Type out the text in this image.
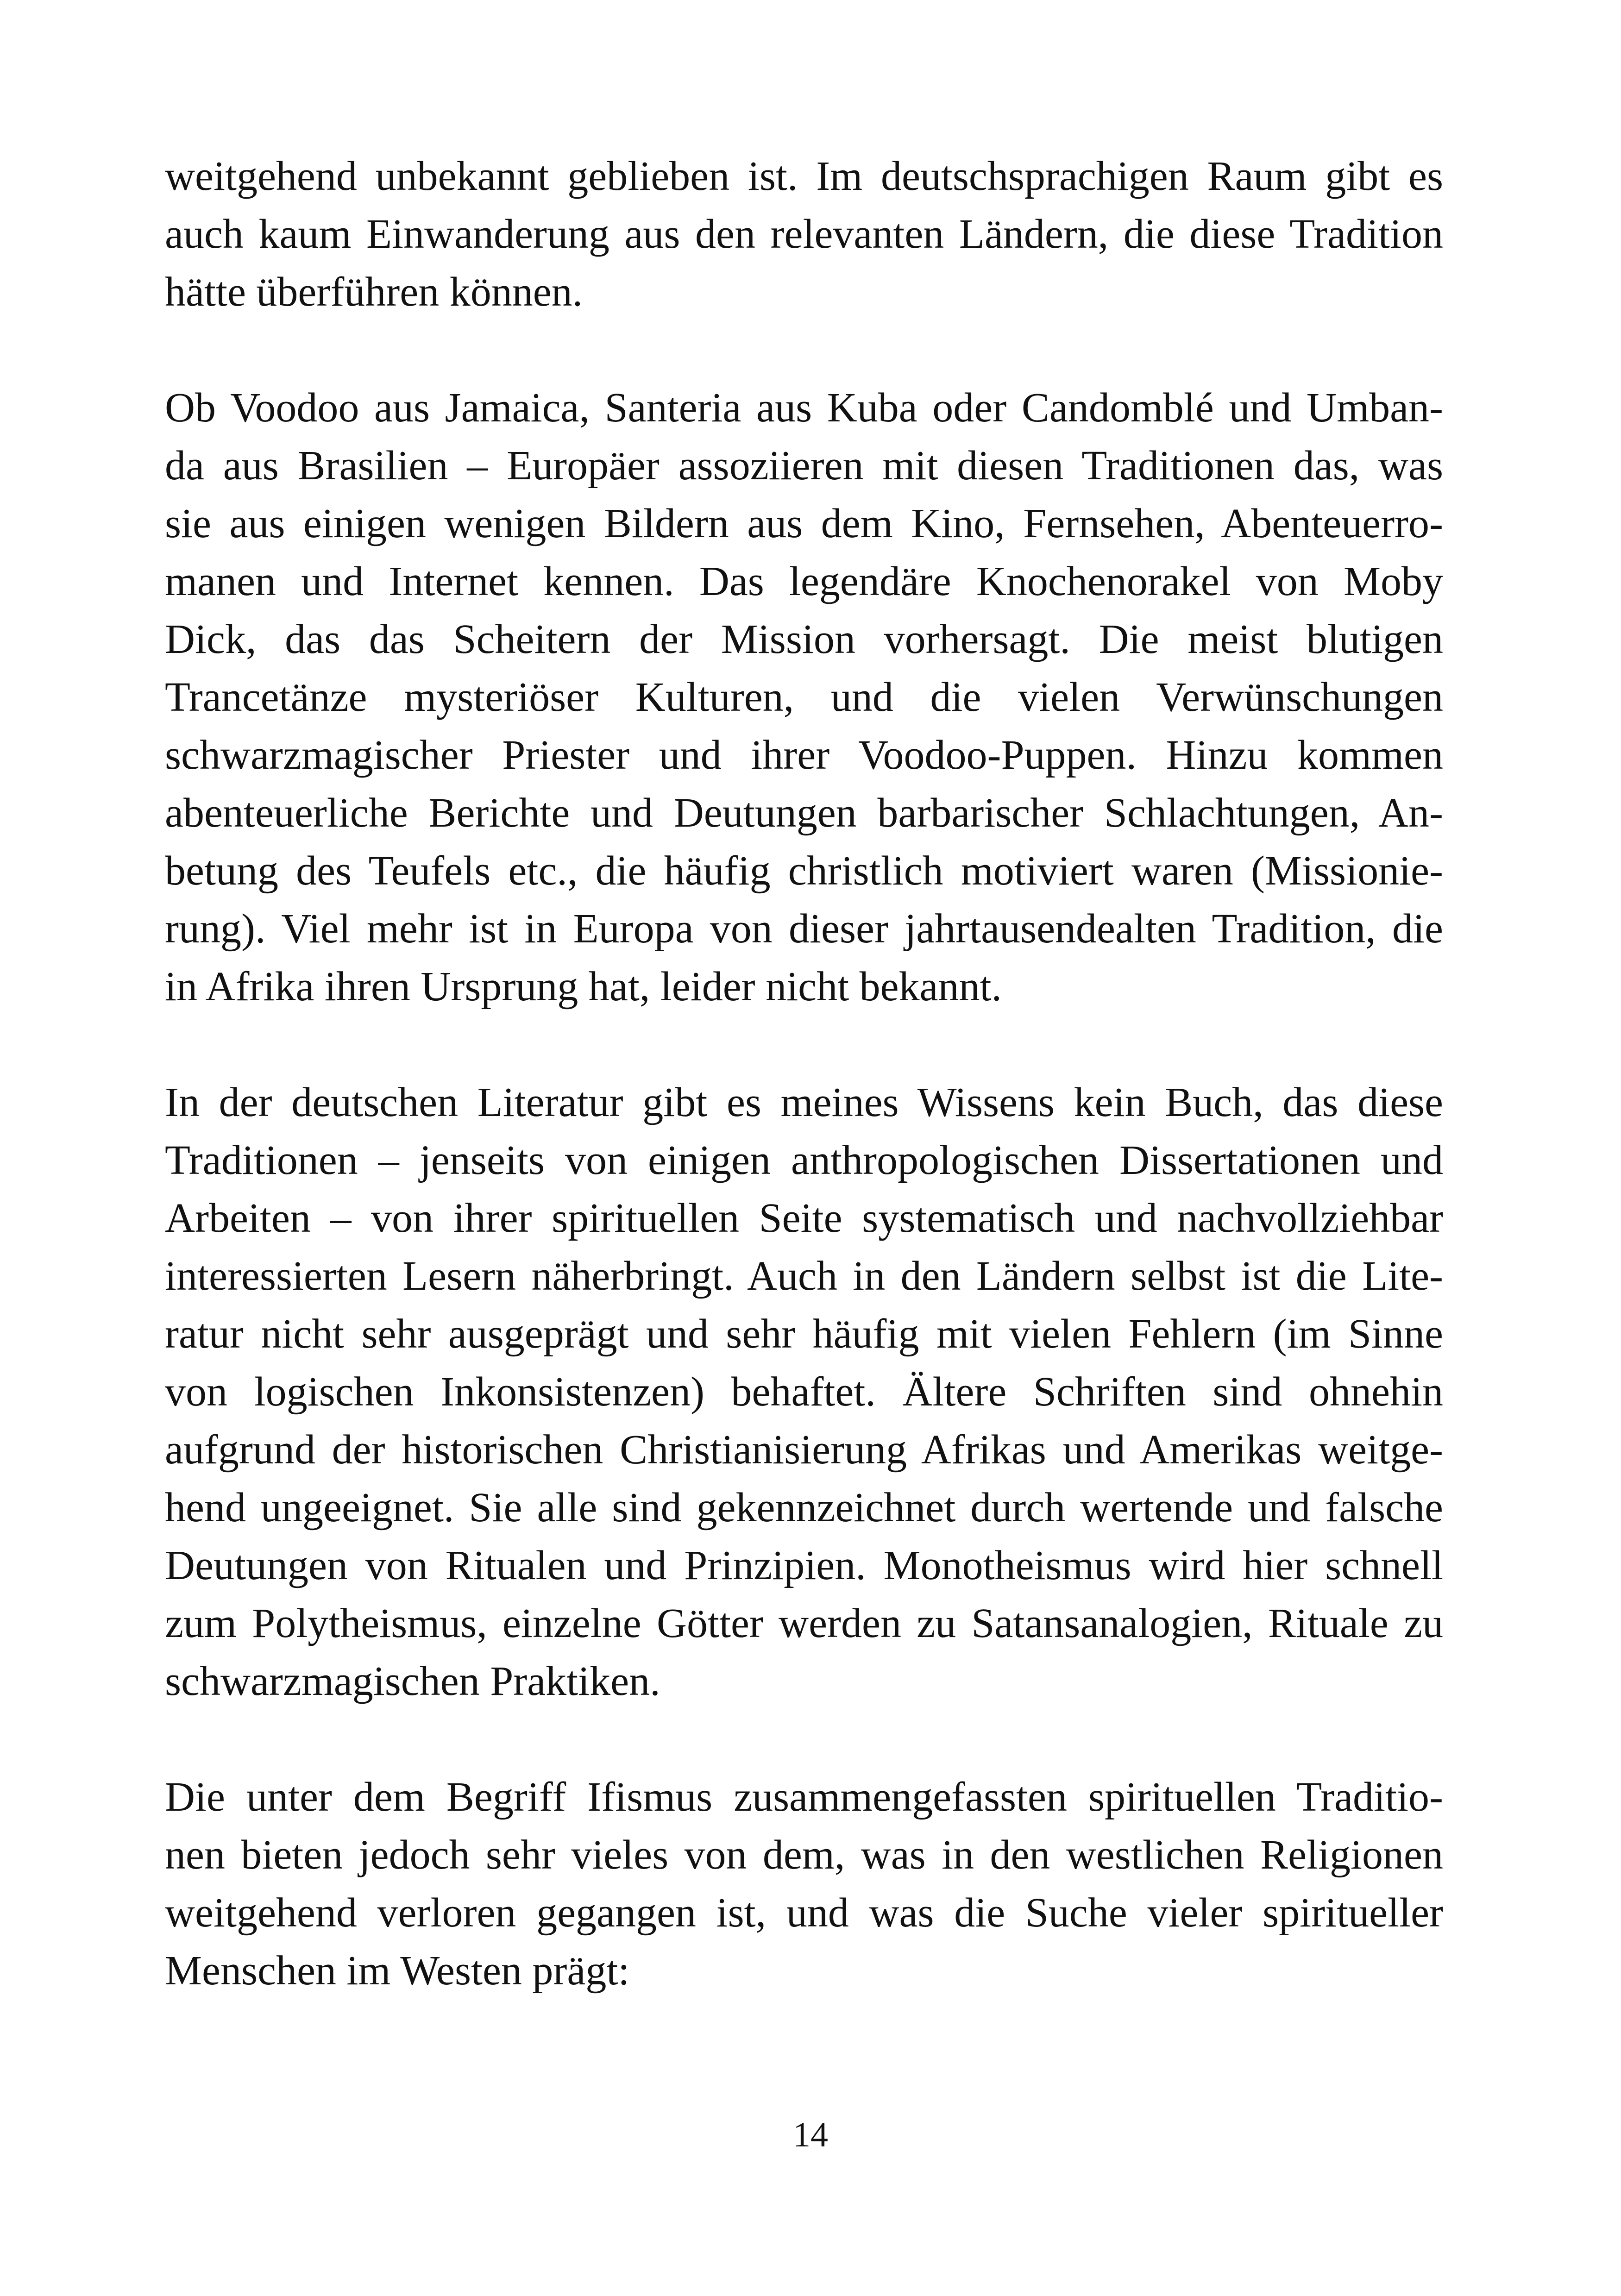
weitgehend unbekannt geblieben ist. Im deutschsprachigen Raum gibt es
auch kaum Einwanderung aus den relevanten Ländern, die diese Tradition
hätte überführen können.
Ob Voodoo aus Jamaica, Santeria aus Kuba oder Candomblé und Umban-
da aus Brasilien – Europäer assoziieren mit diesen Traditionen das, was
sie aus einigen wenigen Bildern aus dem Kino, Fernsehen, Abenteuerro-
manen und Internet kennen. Das legendäre Knochenorakel von Moby
Dick, das das Scheitern der Mission vorhersagt. Die meist blutigen
Trancetänze mysteriöser Kulturen, und die vielen Verwünschungen
schwarzmagischer Priester und ihrer Voodoo-Puppen. Hinzu kommen
abenteuerliche Berichte und Deutungen barbarischer Schlachtungen, An-
betung des Teufels etc., die häufig christlich motiviert waren (Missionie-
rung). Viel mehr ist in Europa von dieser jahrtausendealten Tradition, die
in Afrika ihren Ursprung hat, leider nicht bekannt.
In der deutschen Literatur gibt es meines Wissens kein Buch, das diese
Traditionen – jenseits von einigen anthropologischen Dissertationen und
Arbeiten – von ihrer spirituellen Seite systematisch und nachvollziehbar
interessierten Lesern näherbringt. Auch in den Ländern selbst ist die Lite-
ratur nicht sehr ausgeprägt und sehr häufig mit vielen Fehlern (im Sinne
von logischen Inkonsistenzen) behaftet. Ältere Schriften sind ohnehin
aufgrund der historischen Christianisierung Afrikas und Amerikas weitge-
hend ungeeignet. Sie alle sind gekennzeichnet durch wertende und falsche
Deutungen von Ritualen und Prinzipien. Monotheismus wird hier schnell
zum Polytheismus, einzelne Götter werden zu Satansanalogien, Rituale zu
schwarzmagischen Praktiken.
Die unter dem Begriff Ifismus zusammengefassten spirituellen Traditio-
nen bieten jedoch sehr vieles von dem, was in den westlichen Religionen
weitgehend verloren gegangen ist, und was die Suche vieler spiritueller
Menschen im Westen prägt:
14
